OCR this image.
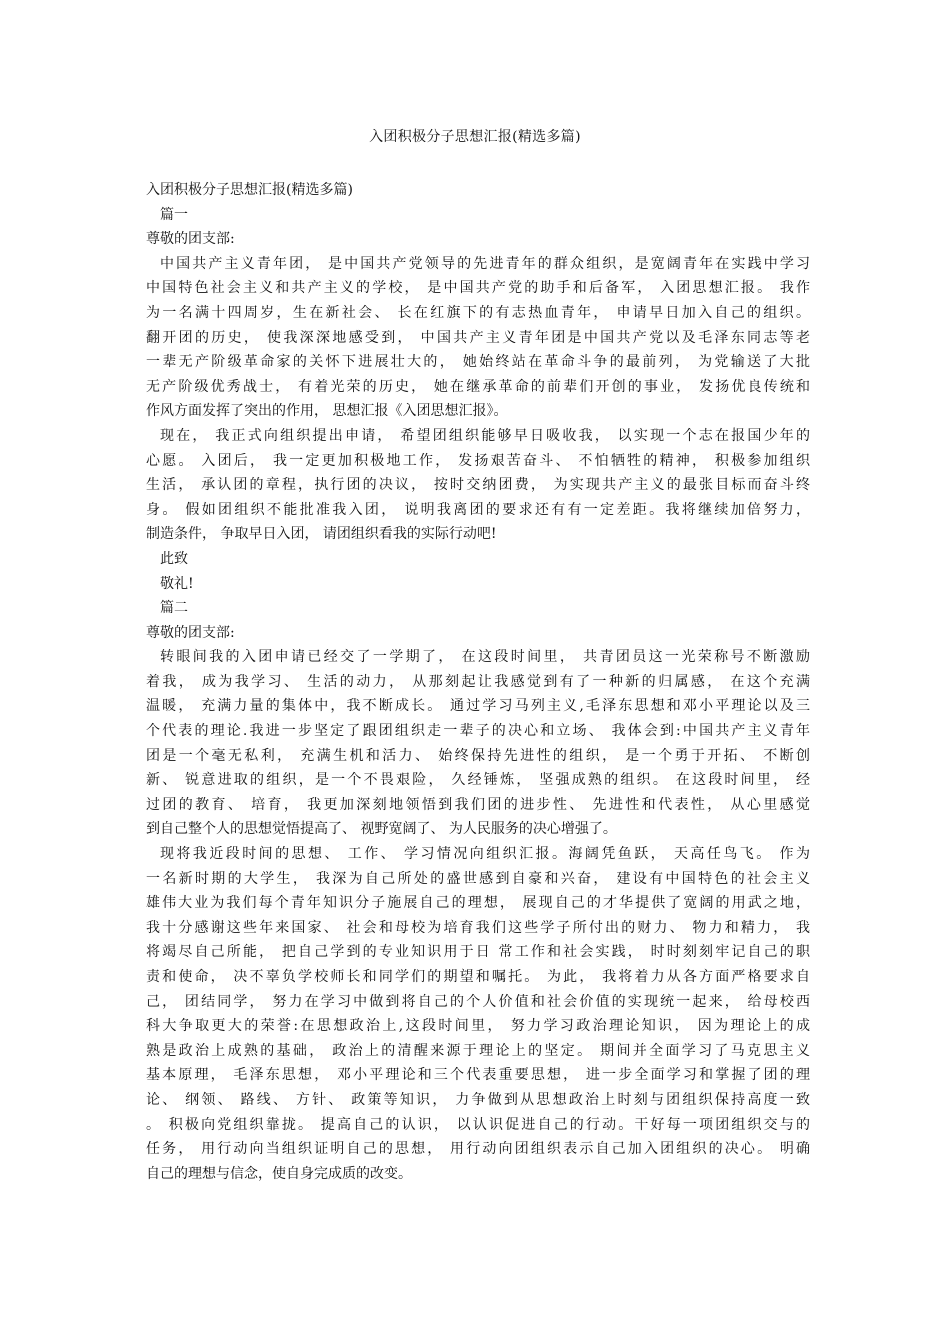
入团积极分子思想汇报(精选多篇)
入团积极分子思想汇报(精选多篇)
篇一
尊敬的团支部:
中国共产主义青年团， 是中国共产党领导的先进青年的群众组织，是宽阔青年在实践中学习
中国特色社会主义和共产主义的学校， 是中国共产党的助手和后备军， 入团思想汇报。 我作
为一名满十四周岁，生在新社会、 长在红旗下的有志热血青年， 申请早日加入自己的组织。
翻开团的历史， 使我深深地感受到， 中国共产主义青年团是中国共产党以及毛泽东同志等老
一辈无产阶级革命家的关怀下进展壮大的， 她始终站在革命斗争的最前列， 为党输送了大批
无产阶级优秀战士， 有着光荣的历史， 她在继承革命的前辈们开创的事业， 发扬优良传统和
作风方面发挥了突出的作用， 思想汇报《入团思想汇报》。
现在， 我正式向组织提出申请， 希望团组织能够早日吸收我， 以实现一个志在报国少年的
心愿。 入团后， 我一定更加积极地工作， 发扬艰苦奋斗、 不怕牺牲的精神， 积极参加组织
生活， 承认团的章程，执行团的决议， 按时交纳团费， 为实现共产主义的最张目标而奋斗终
身。 假如团组织不能批准我入团， 说明我离团的要求还有有一定差距。我将继续加倍努力，
制造条件， 争取早日入团， 请团组织看我的实际行动吧!
此致
敬礼!
篇二
尊敬的团支部:
转眼间我的入团申请已经交了一学期了， 在这段时间里， 共青团员这一光荣称号不断激励
着我， 成为我学习、 生活的动力， 从那刻起让我感觉到有了一种新的归属感， 在这个充满
温暖， 充满力量的集体中，我不断成长。 通过学习马列主义,毛泽东思想和邓小平理论以及三
个代表的理论.我进一步坚定了跟团组织走一辈子的决心和立场、 我体会到:中国共产主义青年
团是一个毫无私利， 充满生机和活力、 始终保持先进性的组织， 是一个勇于开拓、 不断创
新、 锐意进取的组织，是一个不畏艰险， 久经锤炼， 坚强成熟的组织。 在这段时间里， 经
过团的教育、 培育， 我更加深刻地领悟到我们团的进步性、 先进性和代表性， 从心里感觉
到自己整个人的思想觉悟提高了、 视野宽阔了、 为人民服务的决心增强了。
现将我近段时间的思想、 工作、 学习情况向组织汇报。海阔凭鱼跃， 天高任鸟飞。 作为
一名新时期的大学生， 我深为自己所处的盛世感到自豪和兴奋， 建设有中国特色的社会主义
雄伟大业为我们每个青年知识分子施展自己的理想， 展现自己的才华提供了宽阔的用武之地，
我十分感谢这些年来国家、 社会和母校为培育我们这些学子所付出的财力、 物力和精力， 我
将竭尽自己所能， 把自己学到的专业知识用于日 常工作和社会实践， 时时刻刻牢记自己的职
责和使命， 决不辜负学校师长和同学们的期望和嘱托。 为此， 我将着力从各方面严格要求自
己， 团结同学， 努力在学习中做到将自己的个人价值和社会价值的实现统一起来， 给母校西
科大争取更大的荣誉:在思想政治上,这段时间里， 努力学习政治理论知识， 因为理论上的成
熟是政治上成熟的基础， 政治上的清醒来源于理论上的坚定。 期间并全面学习了马克思主义
基本原理， 毛泽东思想， 邓小平理论和三个代表重要思想， 进一步全面学习和掌握了团的理
论、 纲领、 路线、 方针、 政策等知识， 力争做到从思想政治上时刻与团组织保持高度一致
。 积极向党组织靠拢。 提高自己的认识， 以认识促进自己的行动。干好每一项团组织交与的
任务， 用行动向当组织证明自己的思想， 用行动向团组织表示自己加入团组织的决心。 明确
自己的理想与信念，使自身完成质的改变。
